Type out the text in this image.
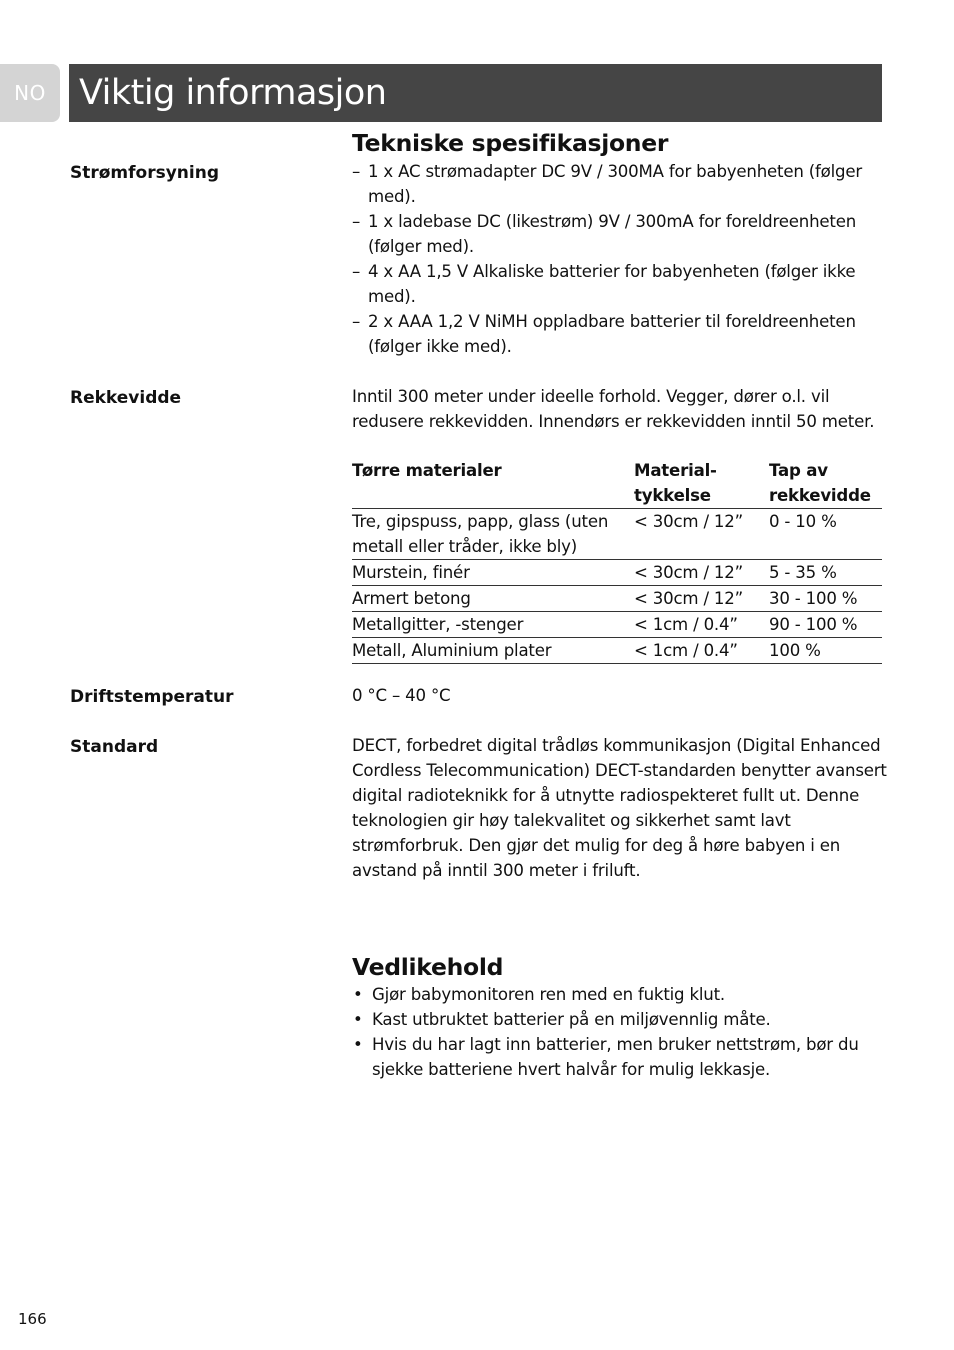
NO Viktig informasjon
Tekniske spesifikasjoner
Strømforsyning	– 1 x AC strømadapter DC 9V / 300MA for babyenheten (følger med).
– 1 x ladebase DC (likestrøm) 9V / 300mA for foreldreenheten (følger med).
– 4 x AA 1,5 V Alkaliske batterier for babyenheten (følger ikke med).
– 2 x AAA 1,2 V NiMH oppladbare batterier til foreldreenheten (følger ikke med).
Rekkevidde	Inntil 300 meter under ideelle forhold. Vegger, dører o.l. vil redusere rekkevidden. Innendørs er rekkevidden inntil 50 meter.
Tørre materialer	Material-tykkelse	Tap av rekkevidde
Tre, gipspuss, papp, glass (uten metall eller tråder, ikke bly)	< 30cm / 12”	0 - 10 %
Murstein, finér	< 30cm / 12”	5 - 35 %
Armert betong	< 30cm / 12”	30 - 100 %
Metallgitter, -stenger	< 1cm / 0.4”	90 - 100 %
Metall, Aluminium plater	< 1cm / 0.4”	100 %
Driftstemperatur	0 °C – 40 °C
Standard	DECT, forbedret digital trådløs kommunikasjon (Digital Enhanced Cordless Telecommunication) DECT-standarden benytter avansert digital radioteknikk for å utnytte radiospekteret fullt ut. Denne teknologien gir høy talekvalitet og sikkerhet samt lavt strømforbruk. Den gjør det mulig for deg å høre babyen i en avstand på inntil 300 meter i friluft.
Vedlikehold
• Gjør babymonitoren ren med en fuktig klut.
• Kast utbruktet batterier på en miljøvennlig måte.
• Hvis du har lagt inn batterier, men bruker nettstrøm, bør du sjekke batteriene hvert halvår for mulig lekkasje.
166
